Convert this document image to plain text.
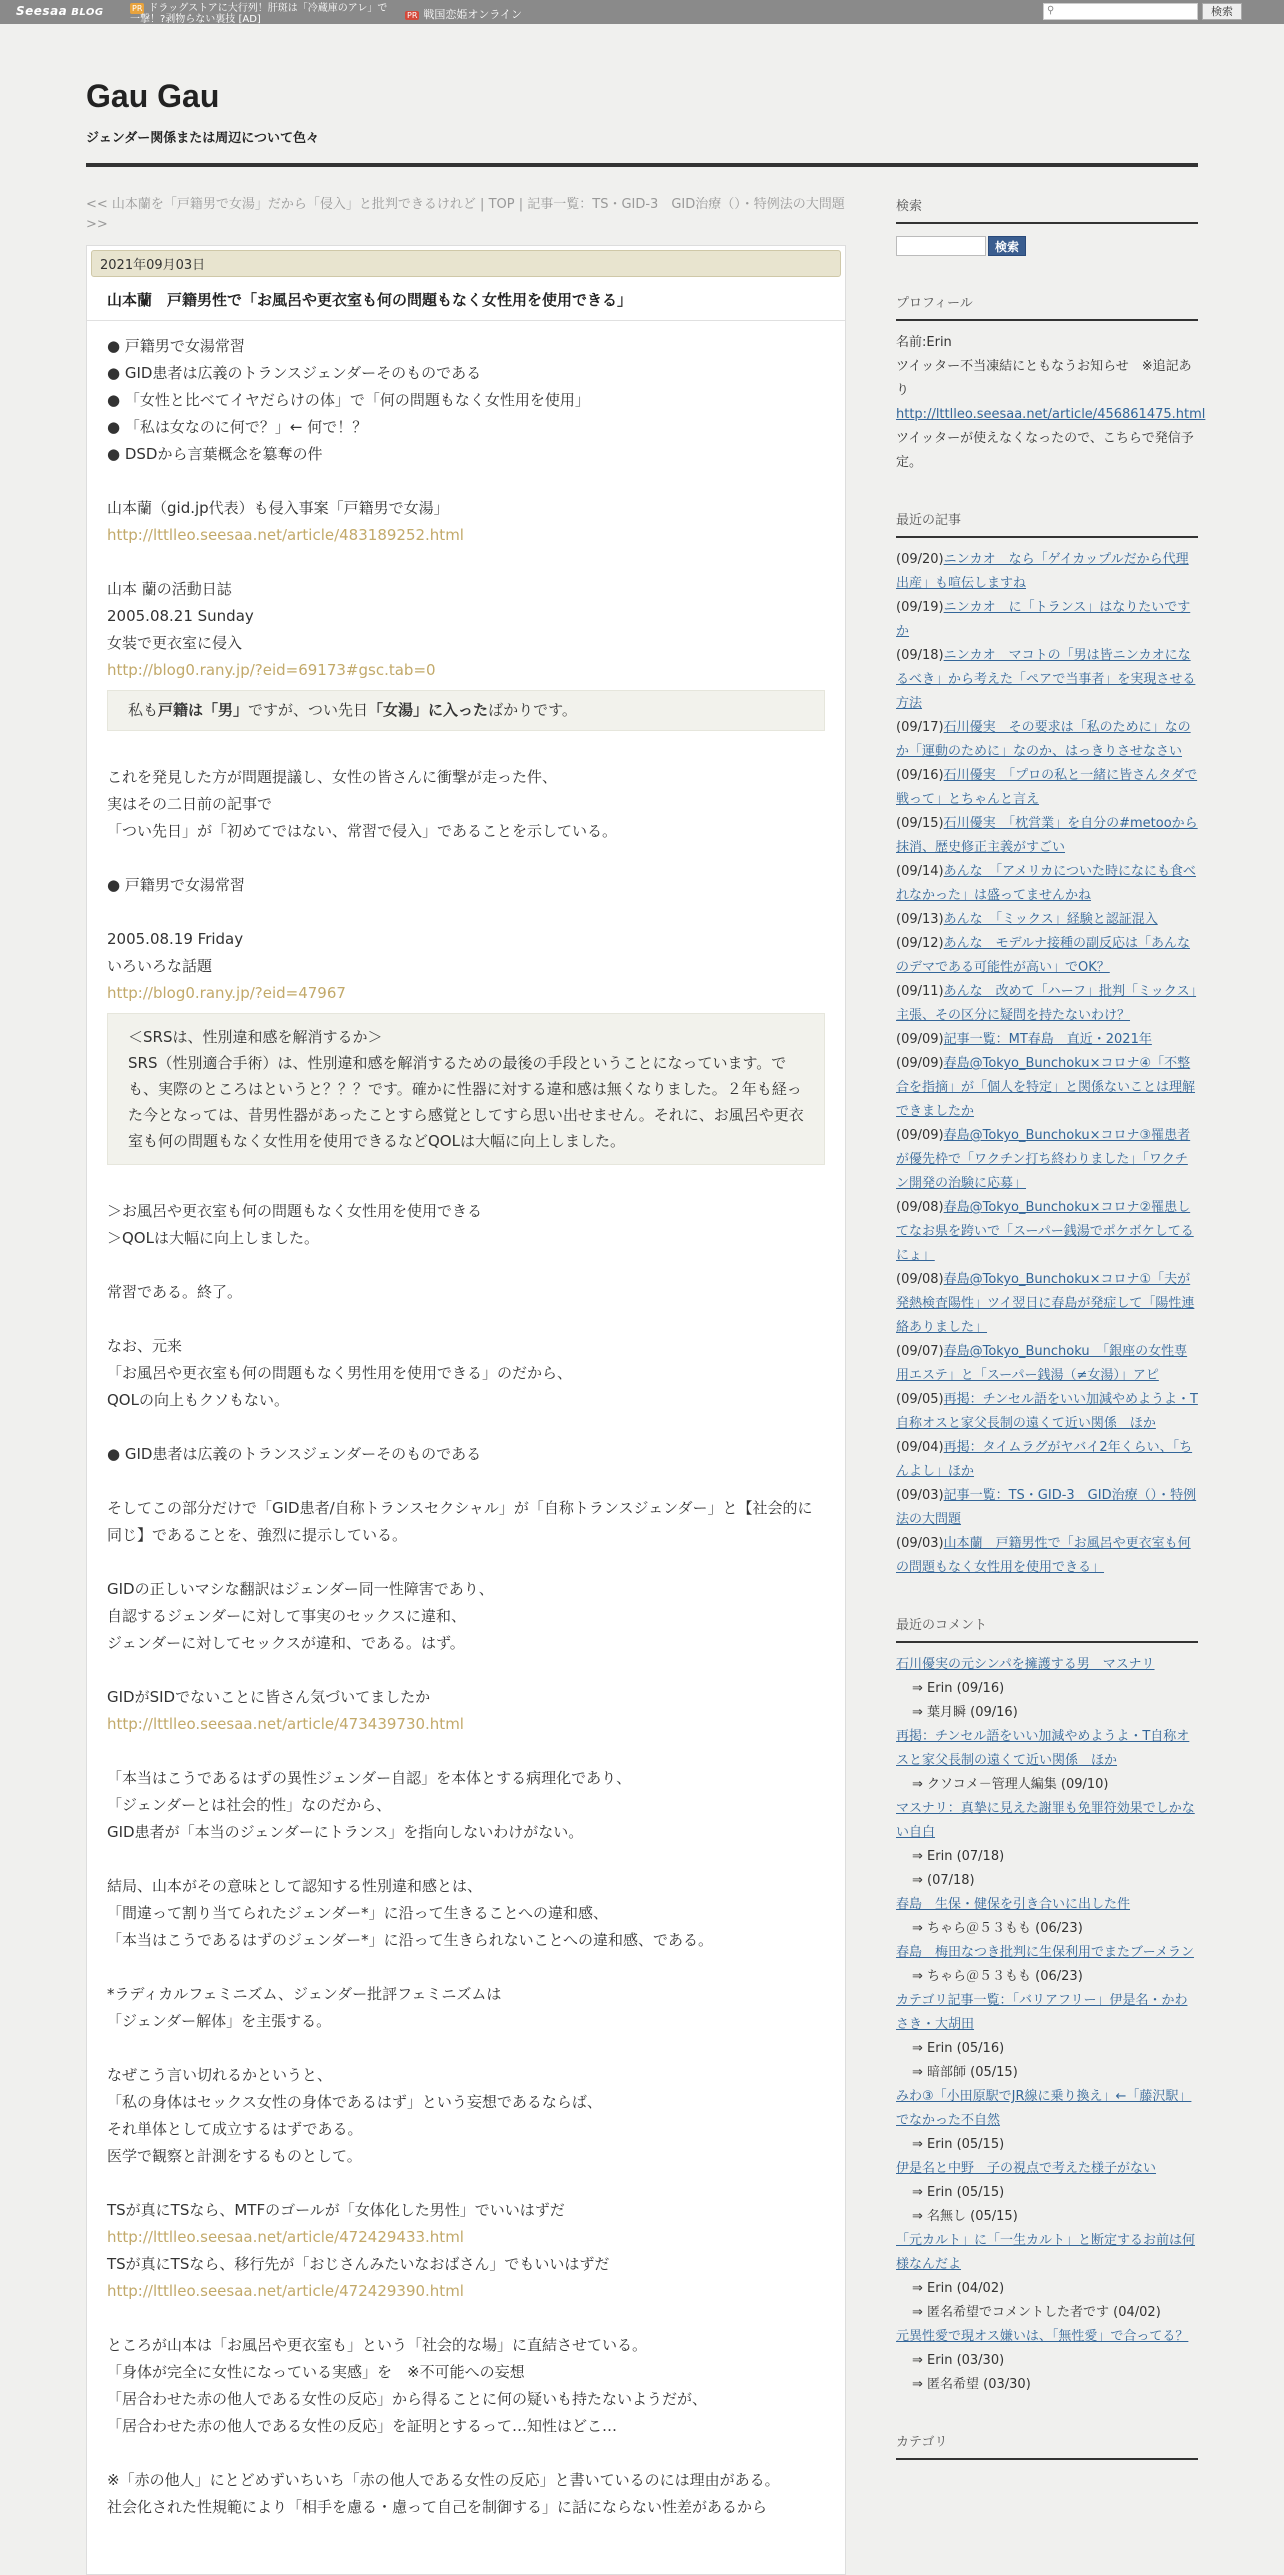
Seesaa BLOG	PR ドラッグストアに大行列！肝斑は「冷蔵庫のアレ」で一撃！?剥物らない裏技 [AD]	PR 戦国恋姫オンライン	⚲	検索
Gau Gau
ジェンダー関係または周辺について色々
<< 山本蘭を「戸籍男で女湯」だから「侵入」と批判できるけれど | TOP | 記事一覧：TS・GID-3　GID治療（）・特例法の大問題 >>
2021年09月03日
山本蘭　戸籍男性で「お風呂や更衣室も何の問題もなく女性用を使用できる」
● 戸籍男で女湯常習
● GID患者は広義のトランスジェンダーそのものである
● 「女性と比べてイヤだらけの体」で「何の問題もなく女性用を使用」
● 「私は女なのに何で？」← 何で！？
● DSDから言葉概念を簒奪の件
山本蘭（gid.jp代表）も侵入事案「戸籍男で女湯」
http://lttlleo.seesaa.net/article/483189252.html
山本 蘭の活動日誌
2005.08.21 Sunday
女装で更衣室に侵入
http://blog0.rany.jp/?eid=69173#gsc.tab=0
私も戸籍は「男」ですが、つい先日「女湯」に入ったばかりです。
これを発見した方が問題提議し、女性の皆さんに衝撃が走った件、
実はその二日前の記事で
「つい先日」が「初めてではない、常習で侵入」であることを示している。
● 戸籍男で女湯常習
2005.08.19 Friday
いろいろな話題
http://blog0.rany.jp/?eid=47967
＜SRSは、性別違和感を解消するか＞
SRS（性別適合手術）は、性別違和感を解消するための最後の手段ということになっています。でも、実際のところはというと？？？です。確かに性器に対する違和感は無くなりました。２年も経った今となっては、昔男性器があったことすら感覚としてすら思い出せません。それに、お風呂や更衣室も何の問題もなく女性用を使用できるなどQOLは大幅に向上しました。
＞お風呂や更衣室も何の問題もなく女性用を使用できる
＞QOLは大幅に向上しました。
常習である。終了。
なお、元来
「お風呂や更衣室も何の問題もなく男性用を使用できる」のだから、
QOLの向上もクソもない。
● GID患者は広義のトランスジェンダーそのものである
そしてこの部分だけで「GID患者/自称トランスセクシャル」が「自称トランスジェンダー」と【社会的に同じ】であることを、強烈に提示している。
GIDの正しいマシな翻訳はジェンダー同一性障害であり、
自認するジェンダーに対して事実のセックスに違和、
ジェンダーに対してセックスが違和、である。はず。
GIDがSIDでないことに皆さん気づいてましたか
http://lttlleo.seesaa.net/article/473439730.html
「本当はこうであるはずの異性ジェンダー自認」を本体とする病理化であり、
「ジェンダーとは社会的性」なのだから、
GID患者が「本当のジェンダーにトランス」を指向しないわけがない。
結局、山本がその意味として認知する性別違和感とは、
「間違って割り当てられたジェンダー*」に沿って生きることへの違和感、
「本当はこうであるはずのジェンダー*」に沿って生きられないことへの違和感、である。
*ラディカルフェミニズム、ジェンダー批評フェミニズムは
「ジェンダー解体」を主張する。
なぜこう言い切れるかというと、
「私の身体はセックス女性の身体であるはず」という妄想であるならば、
それ単体として成立するはずである。
医学で観察と計測をするものとして。
TSが真にTSなら、MTFのゴールが「女体化した男性」でいいはずだ
http://lttlleo.seesaa.net/article/472429433.html
TSが真にTSなら、移行先が「おじさんみたいなおばさん」でもいいはずだ
http://lttlleo.seesaa.net/article/472429390.html
ところが山本は「お風呂や更衣室も」という「社会的な場」に直結させている。
「身体が完全に女性になっている実感」を　※不可能への妄想
「居合わせた赤の他人である女性の反応」から得ることに何の疑いも持たないようだが、
「居合わせた赤の他人である女性の反応」を証明とするって…知性はどこ…
※「赤の他人」にとどめずいちいち「赤の他人である女性の反応」と書いているのには理由がある。
社会化された性規範により「相手を慮る・慮って自己を制御する」に話にならない性差があるから
検索
検索
プロフィール
名前:Erin
ツイッター不当凍結にともなうお知らせ　※追記あり
http://lttlleo.seesaa.net/article/456861475.html
ツイッターが使えなくなったので、こちらで発信予定。
最近の記事
(09/20)ニンカオ　なら「ゲイカップルだから代理出産」も喧伝しますね
(09/19)ニンカオ　に「トランス」はなりたいですか
(09/18)ニンカオ　マコトの「男は皆ニンカオになるべき」から考えた「ペアで当事者」を実現させる方法
(09/17)石川優実　その要求は「私のために」なのか「運動のために」なのか、はっきりさせなさい
(09/16)石川優実　「プロの私と一緒に皆さんタダで戦って」とちゃんと言え
(09/15)石川優実　「枕営業」を自分の#metooから抹消、歴史修正主義がすごい
(09/14)あんな　「アメリカについた時になにも食べれなかった」は盛ってませんかね
(09/13)あんな　「ミックス」経験と認証混入
(09/12)あんな　モデルナ接種の副反応は「あんなのデマである可能性が高い」でOK？
(09/11)あんな　改めて「ハーフ」批判「ミックス」主張、その区分に疑問を持たないわけ？
(09/09)記事一覧：MT春島　直近・2021年
(09/09)春島@Tokyo_Bunchoku×コロナ④「不整合を指摘」が「個人を特定」と関係ないことは理解できましたか
(09/09)春島@Tokyo_Bunchoku×コロナ③罹患者が優先枠で「ワクチン打ち終わりました」「ワクチン開発の治験に応募」
(09/08)春島@Tokyo_Bunchoku×コロナ②罹患してなお県を跨いで「スーパー銭湯でポケボケしてるにょ」
(09/08)春島@Tokyo_Bunchoku×コロナ①「夫が発熱検査陽性」ツイ翌日に春島が発症して「陽性連絡ありました」
(09/07)春島@Tokyo_Bunchoku　「銀座の女性専用エステ」と「スーパー銭湯（≠女湯）」アピ
(09/05)再掲：チンセル語をいい加減やめようよ・T自称オスと家父長制の遠くて近い関係　ほか
(09/04)再掲：タイムラグがヤバイ2年くらい、「ちんよし」ほか
(09/03)記事一覧：TS・GID-3　GID治療（）・特例法の大問題
(09/03)山本蘭　戸籍男性で「お風呂や更衣室も何の問題もなく女性用を使用できる」
最近のコメント
石川優実の元シンパを擁護する男　マスナリ
⇒ Erin (09/16)
⇒ 葉月瞬 (09/16)
再掲：チンセル語をいい加減やめようよ・T自称オスと家父長制の遠くて近い関係　ほか
⇒ クソコメ－管理人編集 (09/10)
マスナリ：真摯に見えた謝罪も免罪符効果でしかない自白
⇒ Erin (07/18)
⇒ (07/18)
春島　生保・健保を引き合いに出した件
⇒ ちゃら＠５３もも (06/23)
春島　梅田なつき批判に生保利用でまたブーメラン
⇒ ちゃら＠５３もも (06/23)
カテゴリ記事一覧：「バリアフリー」伊是名・かわさき・大胡田
⇒ Erin (05/16)
⇒ 暗部師 (05/15)
みわ③「小田原駅でJR線に乗り換え」←「藤沢駅」でなかった不自然
⇒ Erin (05/15)
伊是名と中野　子の視点で考えた様子がない
⇒ Erin (05/15)
⇒ 名無し (05/15)
「元カルト」に「一生カルト」と断定するお前は何様なんだよ
⇒ Erin (04/02)
⇒ 匿名希望でコメントした者です (04/02)
元異性愛で現オス嫌いは、「無性愛」で合ってる？
⇒ Erin (03/30)
⇒ 匿名希望 (03/30)
カテゴリ
